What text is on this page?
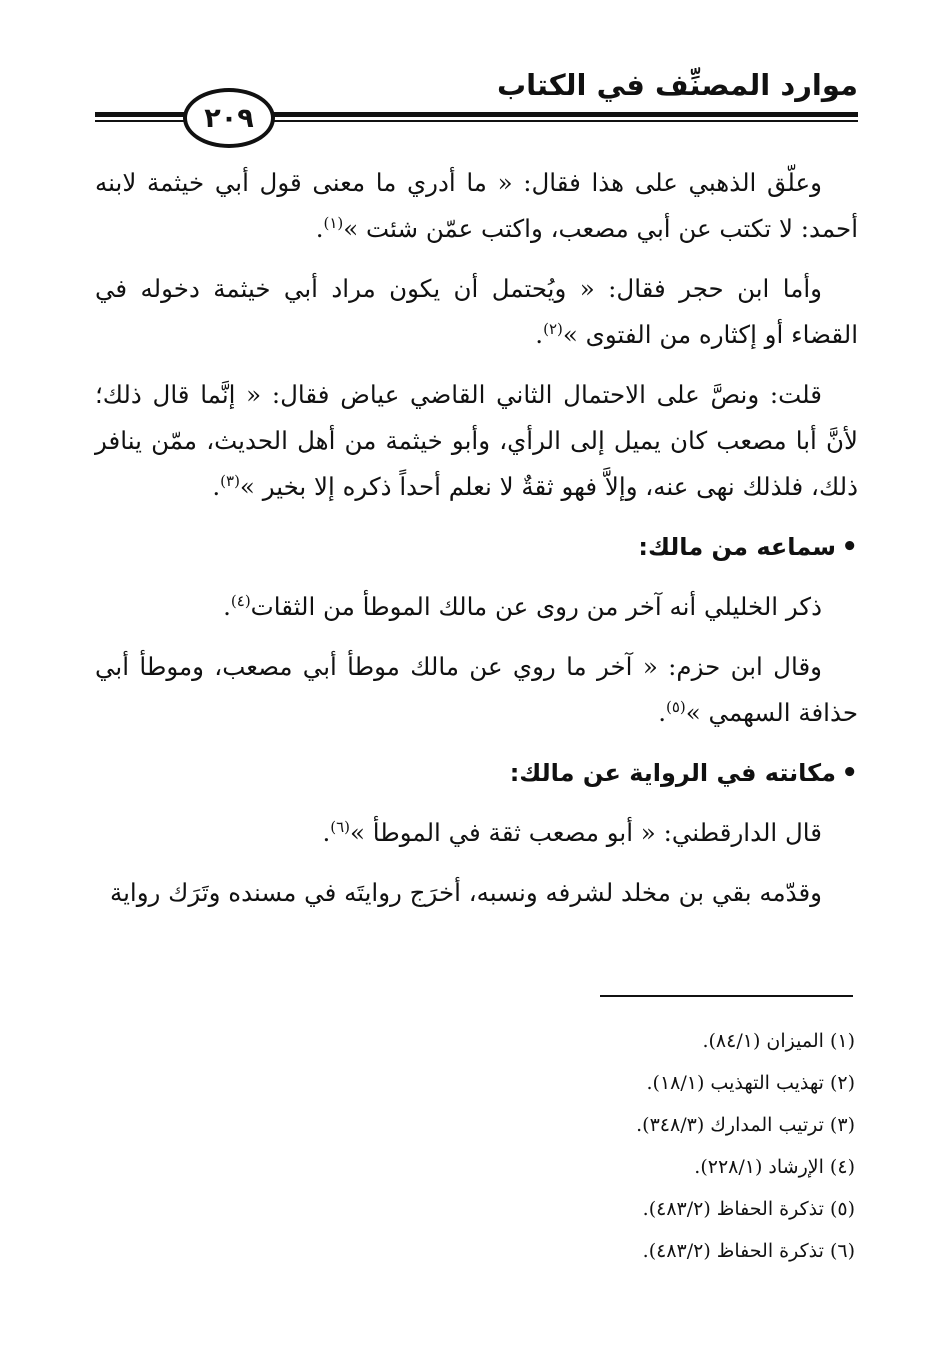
موارد المصنِّف في الكتاب
٢٠٩

وعلّق الذهبي على هذا فقال: « ما أدري ما معنى قول أبي خيثمة لابنه أحمد: لا تكتب عن أبي مصعب، واكتب عمّن شئت »$^{(١)}$.

وأما ابن حجر فقال: « ويُحتمل أن يكون مراد أبي خيثمة دخوله في القضاء أو إكثاره من الفتوى »$^{(٢)}$.

قلت: ونصَّ على الاحتمال الثاني القاضي عياض فقال: « إنَّما قال ذلك؛ لأنَّ أبا مصعب كان يميل إلى الرأي، وأبو خيثمة من أهل الحديث، ممّن ينافر ذلك، فلذلك نهى عنه، وإلاَّ فهو ثقةٌ لا نعلم أحداً ذكره إلا بخير »$^{(٣)}$.

•
سماعه من مالك:

ذكر الخليلي أنه آخر من روى عن مالك الموطأ من الثقات$^{(٤)}$.

وقال ابن حزم: « آخر ما روي عن مالك موطأ أبي مصعب، وموطأ أبي حذافة السهمي »$^{(٥)}$.

•
مكانته في الرواية عن مالك:

قال الدارقطني: « أبو مصعب ثقة في الموطأ »$^{(٦)}$.

وقدّمه بقي بن مخلد لشرفه ونسبه، أخرَج روايتَه في مسنده وتَرَك رواية

(١) الميزان (٨٤/١).
(٢) تهذيب التهذيب (١٨/١).
(٣) ترتيب المدارك (٣٤٨/٣).
(٤) الإرشاد (٢٢٨/١).
(٥) تذكرة الحفاظ (٤٨٣/٢).
(٦) تذكرة الحفاظ (٤٨٣/٢).
